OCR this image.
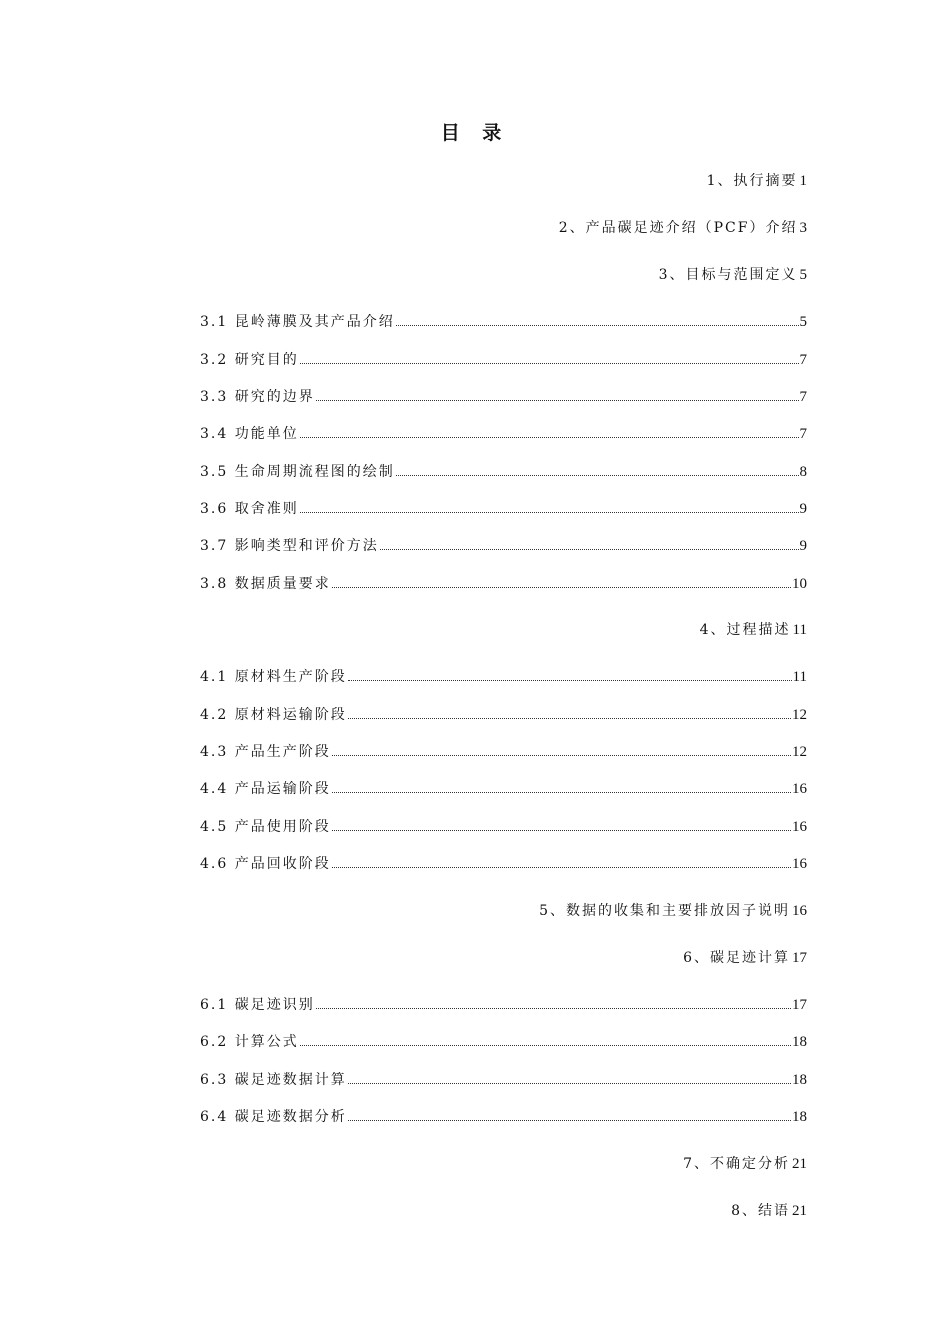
目 录
1、执行摘要 1
2、产品碳足迹介绍（PCF）介绍 3
3、目标与范围定义 5
3.1 昆岭薄膜及其产品介绍	5
3.2 研究目的	7
3.3 研究的边界	7
3.4 功能单位	7
3.5 生命周期流程图的绘制	8
3.6 取舍准则	9
3.7 影响类型和评价方法	9
3.8 数据质量要求	10
4、过程描述 11
4.1 原材料生产阶段	11
4.2 原材料运输阶段	12
4.3 产品生产阶段	12
4.4 产品运输阶段	16
4.5 产品使用阶段	16
4.6 产品回收阶段	16
5、数据的收集和主要排放因子说明 16
6、碳足迹计算 17
6.1 碳足迹识别	17
6.2 计算公式	18
6.3 碳足迹数据计算	18
6.4 碳足迹数据分析	18
7、不确定分析 21
8、结语 21
